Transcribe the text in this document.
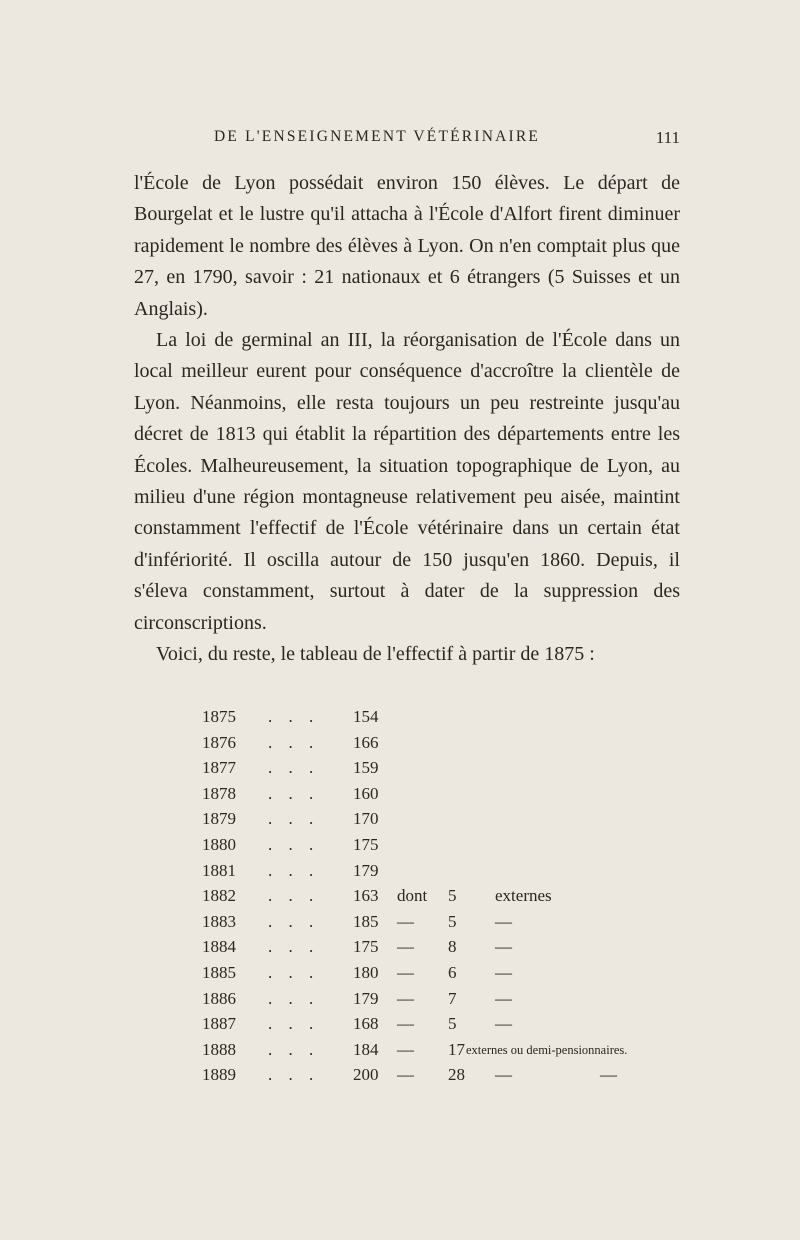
DE L'ENSEIGNEMENT VÉTÉRINAIRE	111

l'École de Lyon possédait environ 150 élèves. Le départ de Bourgelat et le lustre qu'il attacha à l'École d'Alfort firent diminuer rapidement le nombre des élèves à Lyon. On n'en comptait plus que 27, en 1790, savoir : 21 nationaux et 6 étrangers (5 Suisses et un Anglais).

La loi de germinal an III, la réorganisation de l'École dans un local meilleur eurent pour conséquence d'accroître la clientèle de Lyon. Néanmoins, elle resta toujours un peu restreinte jusqu'au décret de 1813 qui établit la répartition des départements entre les Écoles. Malheureusement, la situation topographique de Lyon, au milieu d'une région montagneuse relativement peu aisée, maintint constamment l'effectif de l'École vétérinaire dans un certain état d'infériorité. Il oscilla autour de 150 jusqu'en 1860. Depuis, il s'éleva constamment, surtout à dater de la suppression des circonscriptions.

Voici, du reste, le tableau de l'effectif à partir de 1875 :

1875 . . . 154
1876 . . . 166
1877 . . . 159
1878 . . . 160
1879 . . . 170
1880 . . . 175
1881 . . . 179
1882 . . . 163 dont 5 externes
1883 . . . 185 — 5 —
1884 . . . 175 — 8 —
1885 . . . 180 — 6 —
1886 . . . 179 — 7 —
1887 . . . 168 — 5 —
1888 . . . 184 — 17 externes ou demi-pensionnaires.
1889 . . . 200 — 28 —	—
